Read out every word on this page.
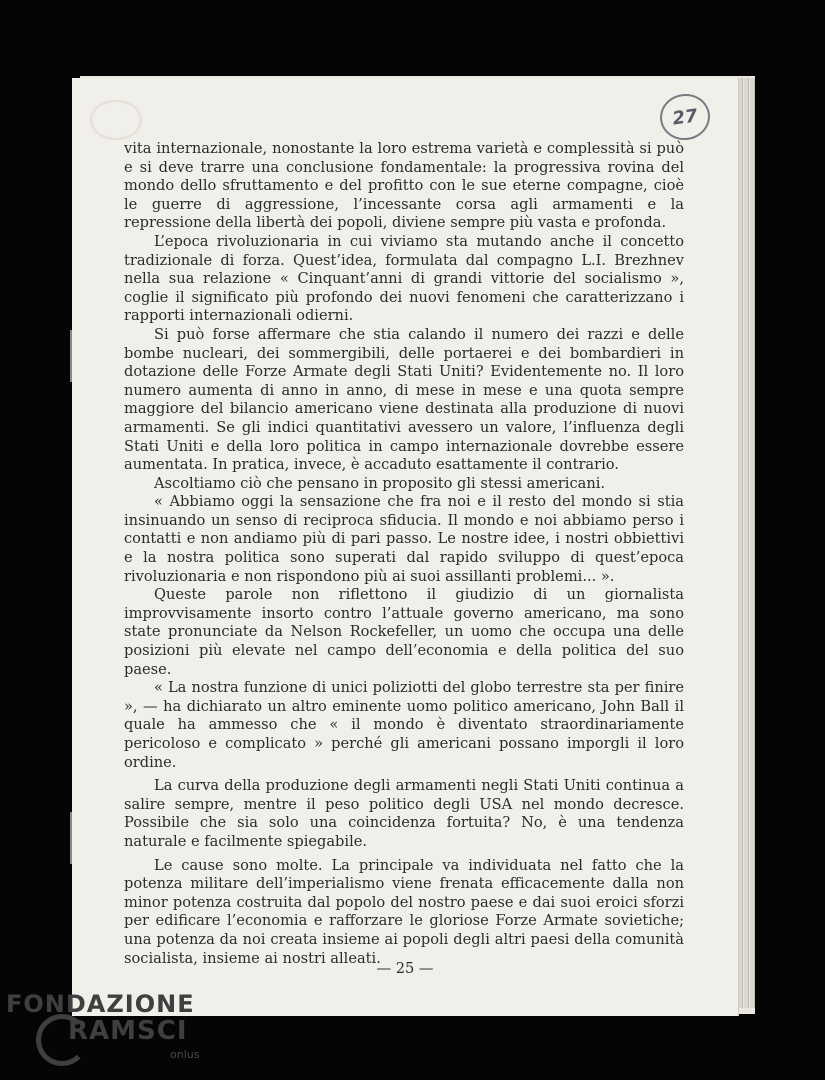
27

vita internazionale, nonostante la loro estrema varietà e complessità si può e si deve trarre una conclusione fondamentale: la progressiva rovina del mondo dello sfruttamento e del profitto con le sue eterne compagne, cioè le guerre di aggressione, l’incessante corsa agli armamenti e la repressione della libertà dei popoli, diviene sempre più vasta e profonda.

L’epoca rivoluzionaria in cui viviamo sta mutando anche il concetto tradizionale di forza. Quest’idea, formulata dal compagno L.I. Brezhnev nella sua relazione « Cinquant’anni di grandi vittorie del socialismo », coglie il significato più profondo dei nuovi fenomeni che caratterizzano i rapporti internazionali odierni.

Si può forse affermare che stia calando il numero dei razzi e delle bombe nucleari, dei sommergibili, delle portaerei e dei bombardieri in dotazione delle Forze Armate degli Stati Uniti? Evidentemente no. Il loro numero aumenta di anno in anno, di mese in mese e una quota sempre maggiore del bilancio americano viene destinata alla produzione di nuovi armamenti. Se gli indici quantitativi avessero un valore, l’influenza degli Stati Uniti e della loro politica in campo internazionale dovrebbe essere aumentata. In pratica, invece, è accaduto esattamente il contrario.

Ascoltiamo ciò che pensano in proposito gli stessi americani.

« Abbiamo oggi la sensazione che fra noi e il resto del mondo si stia insinuando un senso di reciproca sfiducia. Il mondo e noi abbiamo perso i contatti e non andiamo più di pari passo. Le nostre idee, i nostri obbiettivi e la nostra politica sono superati dal rapido sviluppo di quest’epoca rivoluzionaria e non rispondono più ai suoi assillanti problemi... ».

Queste parole non riflettono il giudizio di un giornalista improvvisamente insorto contro l’attuale governo americano, ma sono state pronunciate da Nelson Rockefeller, un uomo che occupa una delle posizioni più elevate nel campo dell’economia e della politica del suo paese.

« La nostra funzione di unici poliziotti del globo terrestre sta per finire », — ha dichiarato un altro eminente uomo politico americano, John Ball il quale ha ammesso che « il mondo è diventato straordinariamente pericoloso e complicato » perché gli americani possano imporgli il loro ordine.

La curva della produzione degli armamenti negli Stati Uniti continua a salire sempre, mentre il peso politico degli USA nel mondo decresce. Possibile che sia solo una coincidenza fortuita? No, è una tendenza naturale e facilmente spiegabile.

Le cause sono molte. La principale va individuata nel fatto che la potenza militare dell’imperialismo viene frenata efficacemente dalla non minor potenza costruita dal popolo del nostro paese e dai suoi eroici sforzi per edificare l’economia e rafforzare le gloriose Forze Armate sovietiche; una potenza da noi creata insieme ai popoli degli altri paesi della comunità socialista, insieme ai nostri alleati.

— 25 —
FONDAZIONE
RAMSCI
onlus
